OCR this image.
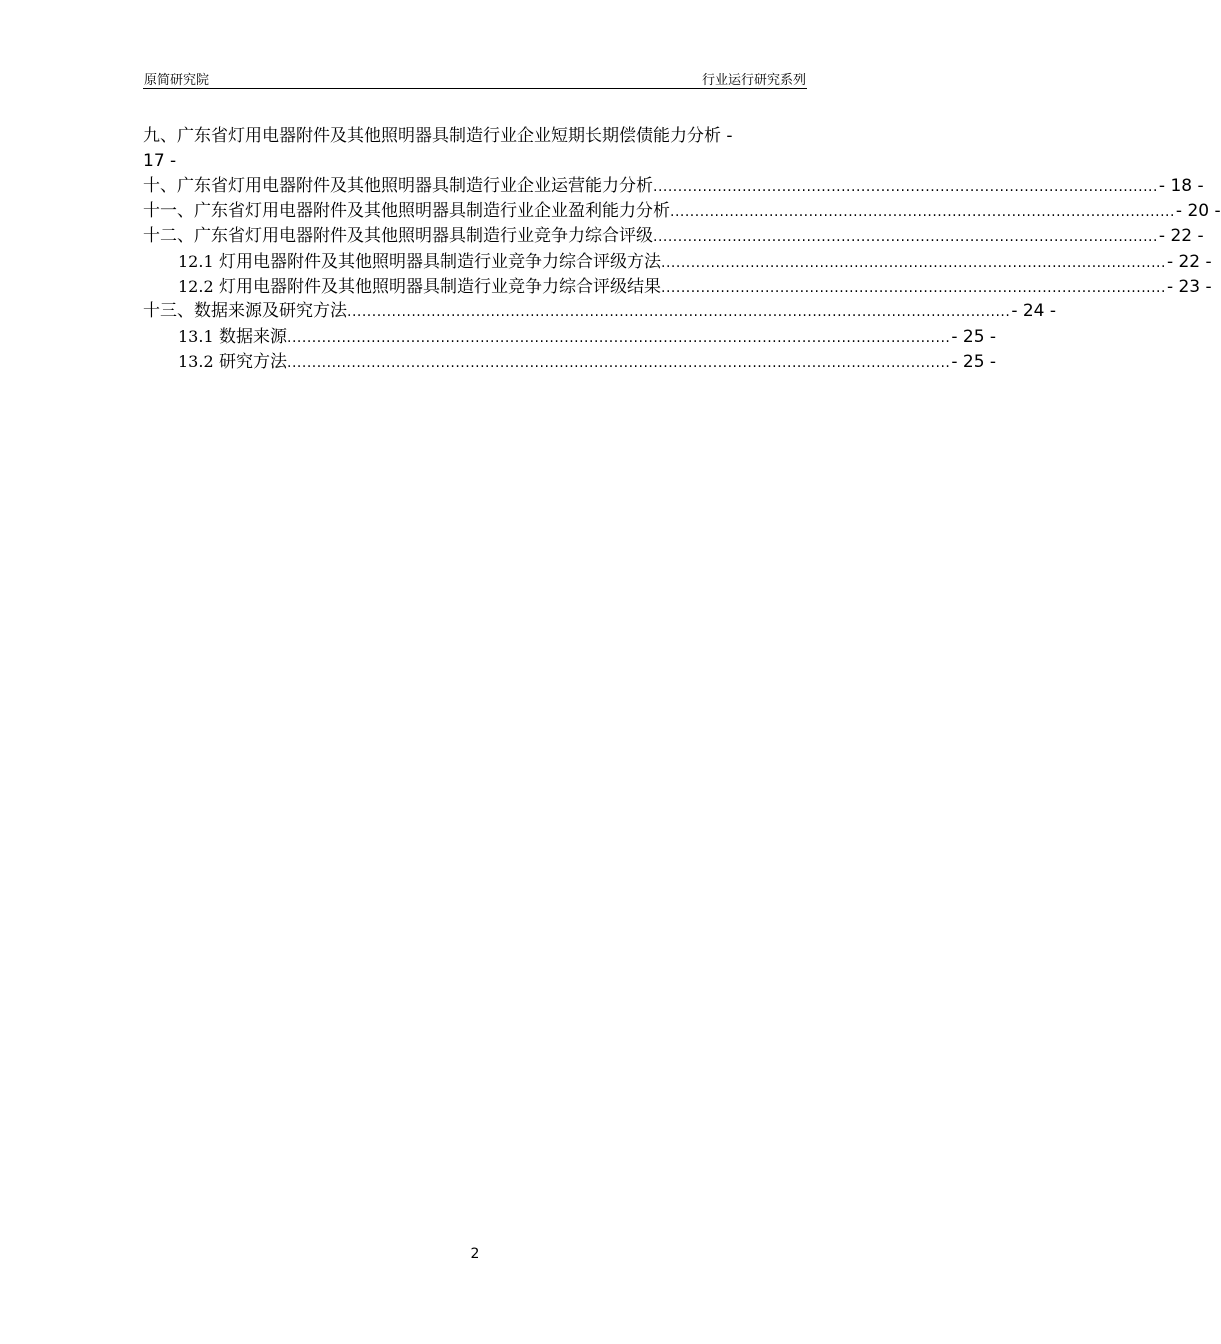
原简研究院	行业运行研究系列
九、广东省灯用电器附件及其他照明器具制造行业企业短期长期偿债能力分析 -
17 -
十、广东省灯用电器附件及其他照明器具制造行业企业运营能力分析 ...................................................................................................... - 18 -
十一、广东省灯用电器附件及其他照明器具制造行业企业盈利能力分析 ...................................................................................................... - 20 -
十二、广东省灯用电器附件及其他照明器具制造行业竞争力综合评级 ...................................................................................................... - 22 -
12.1 灯用电器附件及其他照明器具制造行业竞争力综合评级方法 ...................................................................................................... - 22 -
12.2 灯用电器附件及其他照明器具制造行业竞争力综合评级结果 ...................................................................................................... - 23 -
十三、数据来源及研究方法 ...................................................................................................................................... - 24 -
13.1 数据来源 ...................................................................................................................................... - 25 -
13.2 研究方法 ...................................................................................................................................... - 25 -
2
